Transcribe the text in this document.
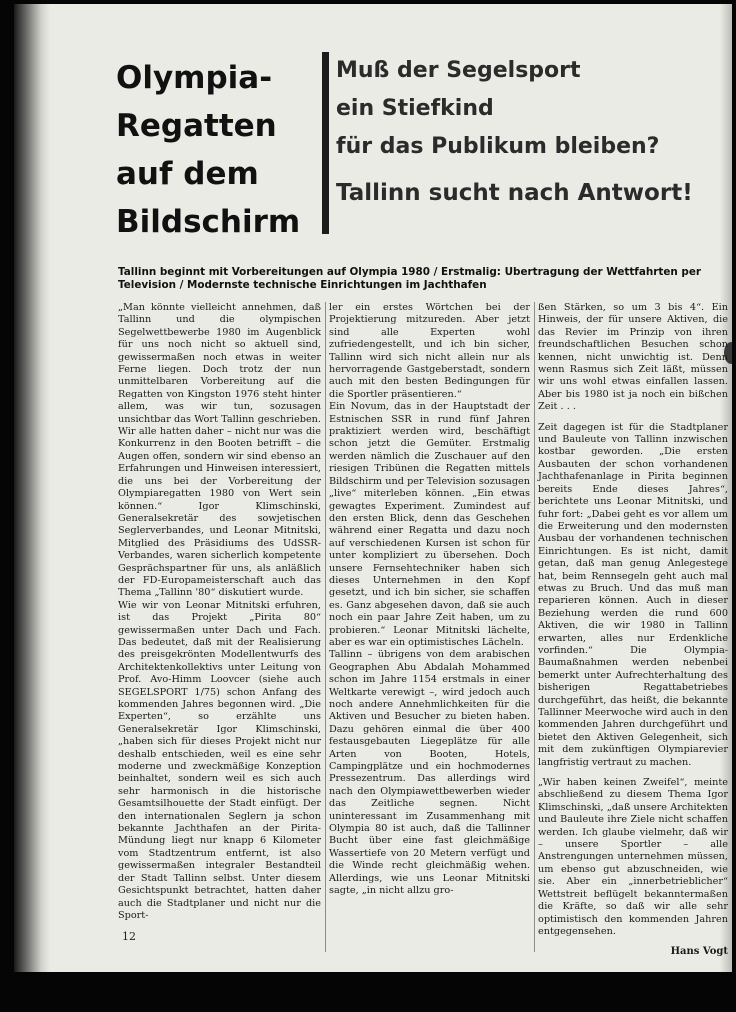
Olympia-
Regatten
auf dem
Bildschirm
Muß der Segelsport
ein Stiefkind
für das Publikum bleiben?
Tallinn sucht nach Antwort!
Tallinn beginnt mit Vorbereitungen auf Olympia 1980 / Erstmalig: Ubertragung der Wettfahrten per
Television / Modernste technische Einrichtungen im Jachthafen

„Man könnte vielleicht annehmen, daß Tallinn und die olympischen Segelwettbewerbe 1980 im Augenblick für uns noch nicht so aktuell sind, gewissermaßen noch etwas in weiter Ferne liegen. Doch trotz der nun unmittelbaren Vorbereitung auf die Regatten von Kingston 1976 steht hinter allem, was wir tun, sozusagen unsichtbar das Wort Tallinn geschrieben. Wir alle hatten daher – nicht nur was die Konkurrenz in den Booten betrifft – die Augen offen, sondern wir sind ebenso an Erfahrungen und Hinweisen interessiert, die uns bei der Vorbereitung der Olympiaregatten 1980 von Wert sein können.“ Igor Klimschinski, Generalsekretär des sowjetischen Seglerverbandes, und Leonar Mitnitski, Mitglied des Präsidiums des UdSSR-Verbandes, waren sicherlich kompetente Gesprächspartner für uns, als anläßlich der FD-Europameisterschaft auch das Thema „Tallinn '80“ diskutiert wurde.

Wie wir von Leonar Mitnitski erfuhren, ist das Projekt „Pirita 80“ gewissermaßen unter Dach und Fach. Das bedeutet, daß mit der Realisierung des preisgekrönten Modellentwurfs des Architektenkollektivs unter Leitung von Prof. Avo-Himm Loovcer (siehe auch SEGELSPORT 1/75) schon Anfang des kommenden Jahres begonnen wird. „Die Experten“, so erzählte uns Generalsekretär Igor Klimschinski, „haben sich für dieses Projekt nicht nur deshalb entschieden, weil es eine sehr moderne und zweckmäßige Konzeption beinhaltet, sondern weil es sich auch sehr harmonisch in die historische Gesamtsilhouette der Stadt einfügt. Der den internationalen Seglern ja schon bekannte Jachthafen an der Pirita-Mündung liegt nur knapp 6 Kilometer vom Stadtzentrum entfernt, ist also gewissermaßen integraler Bestandteil der Stadt Tallinn selbst. Unter diesem Gesichtspunkt betrachtet, hatten daher auch die Stadtplaner und nicht nur die Sport-

ler ein erstes Wörtchen bei der Projektierung mitzureden. Aber jetzt sind alle Experten wohl zufriedengestellt, und ich bin sicher, Tallinn wird sich nicht allein nur als hervorragende Gastgeberstadt, sondern auch mit den besten Bedingungen für die Sportler präsentieren.“

Ein Novum, das in der Hauptstadt der Estnischen SSR in rund fünf Jahren praktiziert werden wird, beschäftigt schon jetzt die Gemüter. Erstmalig werden nämlich die Zuschauer auf den riesigen Tribünen die Regatten mittels Bildschirm und per Television sozusagen „live“ miterleben können. „Ein etwas gewagtes Experiment. Zumindest auf den ersten Blick, denn das Geschehen während einer Regatta und dazu noch auf verschiedenen Kursen ist schon für unter kompliziert zu übersehen. Doch unsere Fernsehtechniker haben sich dieses Unternehmen in den Kopf gesetzt, und ich bin sicher, sie schaffen es. Ganz abgesehen davon, daß sie auch noch ein paar Jahre Zeit haben, um zu probieren.“ Leonar Mitnitski lächelte, aber es war ein optimistisches Lächeln.

Tallinn – übrigens von dem arabischen Geographen Abu Abdalah Mohammed schon im Jahre 1154 erstmals in einer Weltkarte verewigt –, wird jedoch auch noch andere Annehmlichkeiten für die Aktiven und Besucher zu bieten haben. Dazu gehören einmal die über 400 festausgebauten Liegeplätze für alle Arten von Booten, Hotels, Campingplätze und ein hochmodernes Pressezentrum. Das allerdings wird nach den Olympiawettbewerben wieder das Zeitliche segnen. Nicht uninteressant im Zusammenhang mit Olympia 80 ist auch, daß die Tallinner Bucht über eine fast gleichmäßige Wassertiefe von 20 Metern verfügt und die Winde recht gleichmäßig wehen. Allerdings, wie uns Leonar Mitnitski sagte, „in nicht allzu gro-

ßen Stärken, so um 3 bis 4“. Ein Hinweis, der für unsere Aktiven, die das Revier im Prinzip von ihren freundschaftlichen Besuchen schon kennen, nicht unwichtig ist. Denn wenn Rasmus sich Zeit läßt, müssen wir uns wohl etwas einfallen lassen. Aber bis 1980 ist ja noch ein bißchen Zeit . . .

Zeit dagegen ist für die Stadtplaner und Bauleute von Tallinn inzwischen kostbar geworden. „Die ersten Ausbauten der schon vorhandenen Jachthafenanlage in Pirita beginnen bereits Ende dieses Jahres“, berichtete uns Leonar Mitnitski, und fuhr fort: „Dabei geht es vor allem um die Erweiterung und den modernsten Ausbau der vorhandenen technischen Einrichtungen. Es ist nicht, damit getan, daß man genug Anlegestege hat, beim Rennsegeln geht auch mal etwas zu Bruch. Und das muß man reparieren können. Auch in dieser Beziehung werden die rund 600 Aktiven, die wir 1980 in Tallinn erwarten, alles nur Erdenkliche vorfinden.“ Die Olympia-Baumaßnahmen werden nebenbei bemerkt unter Aufrechterhaltung des bisherigen Regattabetriebes durchgeführt, das heißt, die bekannte Tallinner Meerwoche wird auch in den kommenden Jahren durchgeführt und bietet den Aktiven Gelegenheit, sich mit dem zukünftigen Olympiarevier langfristig vertraut zu machen.

„Wir haben keinen Zweifel“, meinte abschließend zu diesem Thema Igor Klimschinski, „daß unsere Architekten und Bauleute ihre Ziele nicht schaffen werden. Ich glaube vielmehr, daß wir – unsere Sportler – alle Anstrengungen unternehmen müssen, um ebenso gut abzuschneiden, wie sie. Aber ein „innerbetrieblicher“ Wettstreit beflügelt bekanntermaßen die Kräfte, so daß wir alle sehr optimistisch den kommenden Jahren entgegensehen.

Hans Vogt
12
